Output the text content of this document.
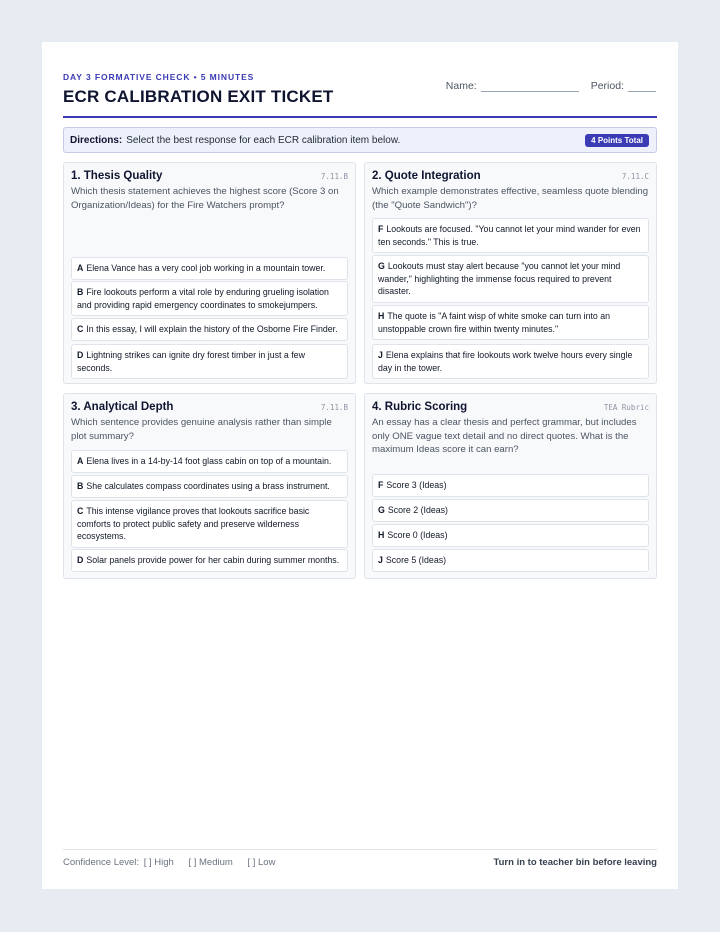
DAY 3 FORMATIVE CHECK • 5 MINUTES
ECR CALIBRATION EXIT TICKET
Name:	Period:
Directions: Select the best response for each ECR calibration item below.	4 Points Total
1. Thesis Quality	7.11.B
Which thesis statement achieves the highest score (Score 3 on Organization/Ideas) for the Fire Watchers prompt?
A Elena Vance has a very cool job working in a mountain tower.
B Fire lookouts perform a vital role by enduring grueling isolation and providing rapid emergency coordinates to smokejumpers.
C In this essay, I will explain the history of the Osborne Fire Finder.
D Lightning strikes can ignite dry forest timber in just a few seconds.
2. Quote Integration	7.11.C
Which example demonstrates effective, seamless quote blending (the "Quote Sandwich")?
F Lookouts are focused. "You cannot let your mind wander for even ten seconds." This is true.
G Lookouts must stay alert because "you cannot let your mind wander," highlighting the immense focus required to prevent disaster.
H The quote is "A faint wisp of white smoke can turn into an unstoppable crown fire within twenty minutes."
J Elena explains that fire lookouts work twelve hours every single day in the tower.
3. Analytical Depth	7.11.B
Which sentence provides genuine analysis rather than simple plot summary?
A Elena lives in a 14-by-14 foot glass cabin on top of a mountain.
B She calculates compass coordinates using a brass instrument.
C This intense vigilance proves that lookouts sacrifice basic comforts to protect public safety and preserve wilderness ecosystems.
D Solar panels provide power for her cabin during summer months.
4. Rubric Scoring	TEA Rubric
An essay has a clear thesis and perfect grammar, but includes only ONE vague text detail and no direct quotes. What is the maximum Ideas score it can earn?
F Score 3 (Ideas)
G Score 2 (Ideas)
H Score 0 (Ideas)
J Score 5 (Ideas)
Confidence Level: [ ] High [ ] Medium [ ] Low	Turn in to teacher bin before leaving
